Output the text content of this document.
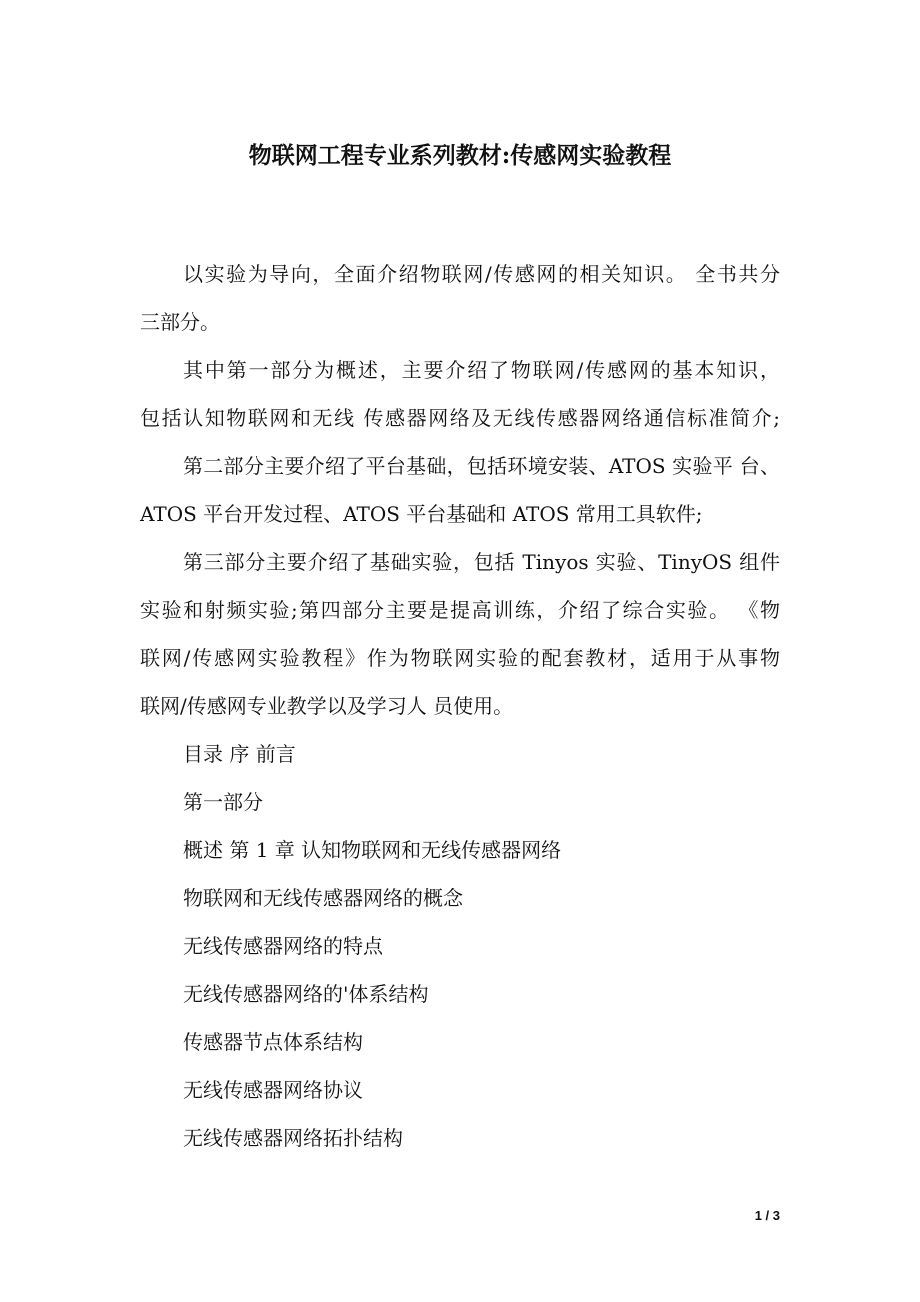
物联网工程专业系列教材:传感网实验教程
以实验为导向，全面介绍物联网/传感网的相关知识。 全书共分
三部分。
其中第一部分为概述，主要介绍了物联网/传感网的基本知识，
包括认知物联网和无线 传感器网络及无线传感器网络通信标准简介;
第二部分主要介绍了平台基础，包括环境安装、ATOS 实验平 台、
ATOS 平台开发过程、ATOS 平台基础和 ATOS 常用工具软件;
第三部分主要介绍了基础实验，包括 Tinyos 实验、TinyOS 组件
实验和射频实验;第四部分主要是提高训练，介绍了综合实验。 《物
联网/传感网实验教程》作为物联网实验的配套教材，适用于从事物
联网/传感网专业教学以及学习人 员使用。
目录 序 前言
第一部分
概述 第 1 章 认知物联网和无线传感器网络
物联网和无线传感器网络的概念
无线传感器网络的特点
无线传感器网络的'体系结构
传感器节点体系结构
无线传感器网络协议
无线传感器网络拓扑结构
1 / 3
